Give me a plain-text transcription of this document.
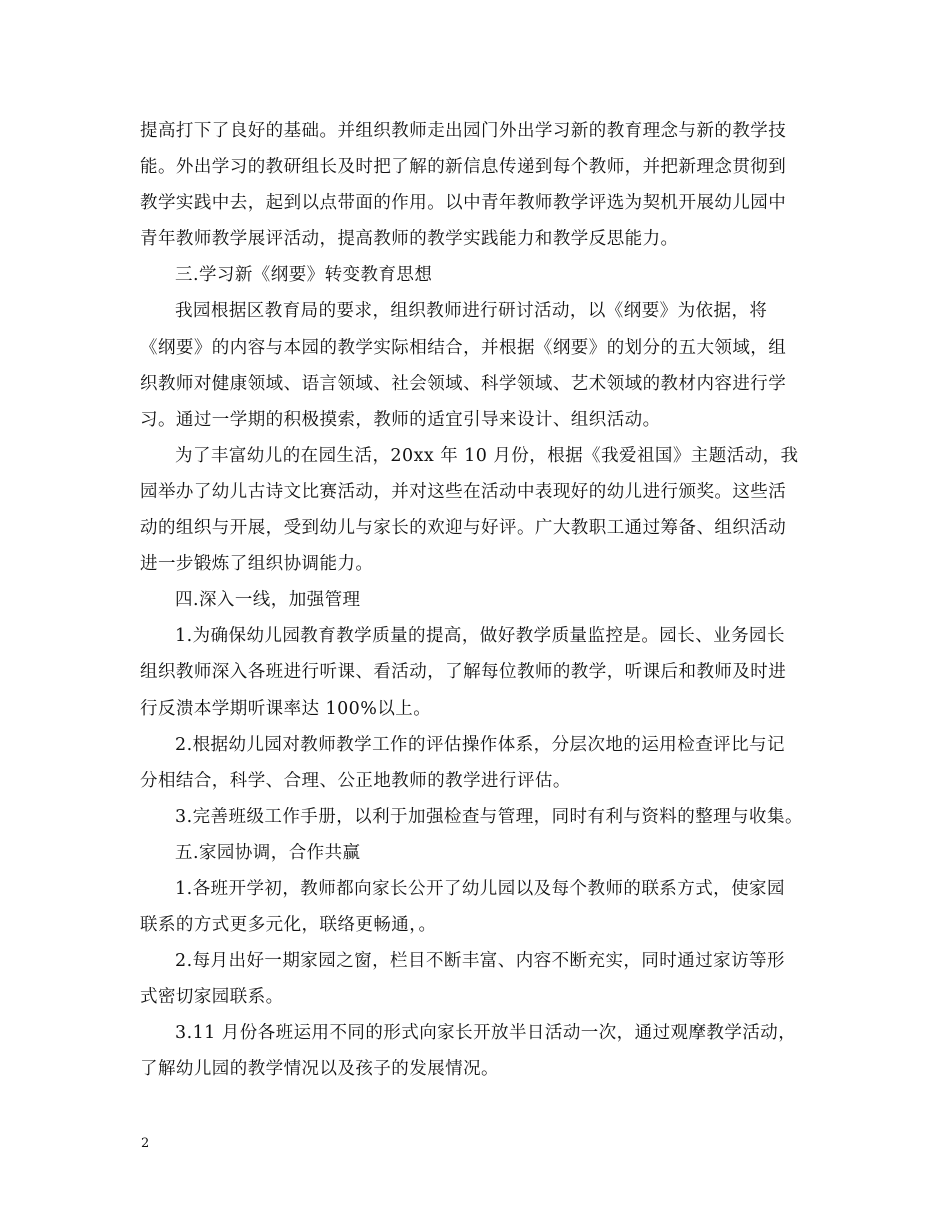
提高打下了良好的基础。并组织教师走出园门外出学习新的教育理念与新的教学技
能。外出学习的教研组长及时把了解的新信息传递到每个教师，并把新理念贯彻到
教学实践中去，起到以点带面的作用。以中青年教师教学评选为契机开展幼儿园中
青年教师教学展评活动，提高教师的教学实践能力和教学反思能力。
三.学习新《纲要》转变教育思想
我园根据区教育局的要求，组织教师进行研讨活动，以《纲要》为依据，将
《纲要》的内容与本园的教学实际相结合，并根据《纲要》的划分的五大领域，组
织教师对健康领域、语言领域、社会领域、科学领域、艺术领域的教材内容进行学
习。通过一学期的积极摸索，教师的适宜引导来设计、组织活动。
为了丰富幼儿的在园生活，20xx 年 10 月份，根据《我爱祖国》主题活动，我
园举办了幼儿古诗文比赛活动，并对这些在活动中表现好的幼儿进行颁奖。这些活
动的组织与开展，受到幼儿与家长的欢迎与好评。广大教职工通过筹备、组织活动
进一步锻炼了组织协调能力。
四.深入一线，加强管理
1.为确保幼儿园教育教学质量的提高，做好教学质量监控是。园长、业务园长
组织教师深入各班进行听课、看活动，了解每位教师的教学，听课后和教师及时进
行反溃本学期听课率达 100%以上。
2.根据幼儿园对教师教学工作的评估操作体系，分层次地的运用检查评比与记
分相结合，科学、合理、公正地教师的教学进行评估。
3.完善班级工作手册，以利于加强检查与管理，同时有利与资料的整理与收集。
五.家园协调，合作共赢
1.各班开学初，教师都向家长公开了幼儿园以及每个教师的联系方式，使家园
联系的方式更多元化，联络更畅通，。
2.每月出好一期家园之窗，栏目不断丰富、内容不断充实，同时通过家访等形
式密切家园联系。
3.11 月份各班运用不同的形式向家长开放半日活动一次，通过观摩教学活动，
了解幼儿园的教学情况以及孩子的发展情况。
2
